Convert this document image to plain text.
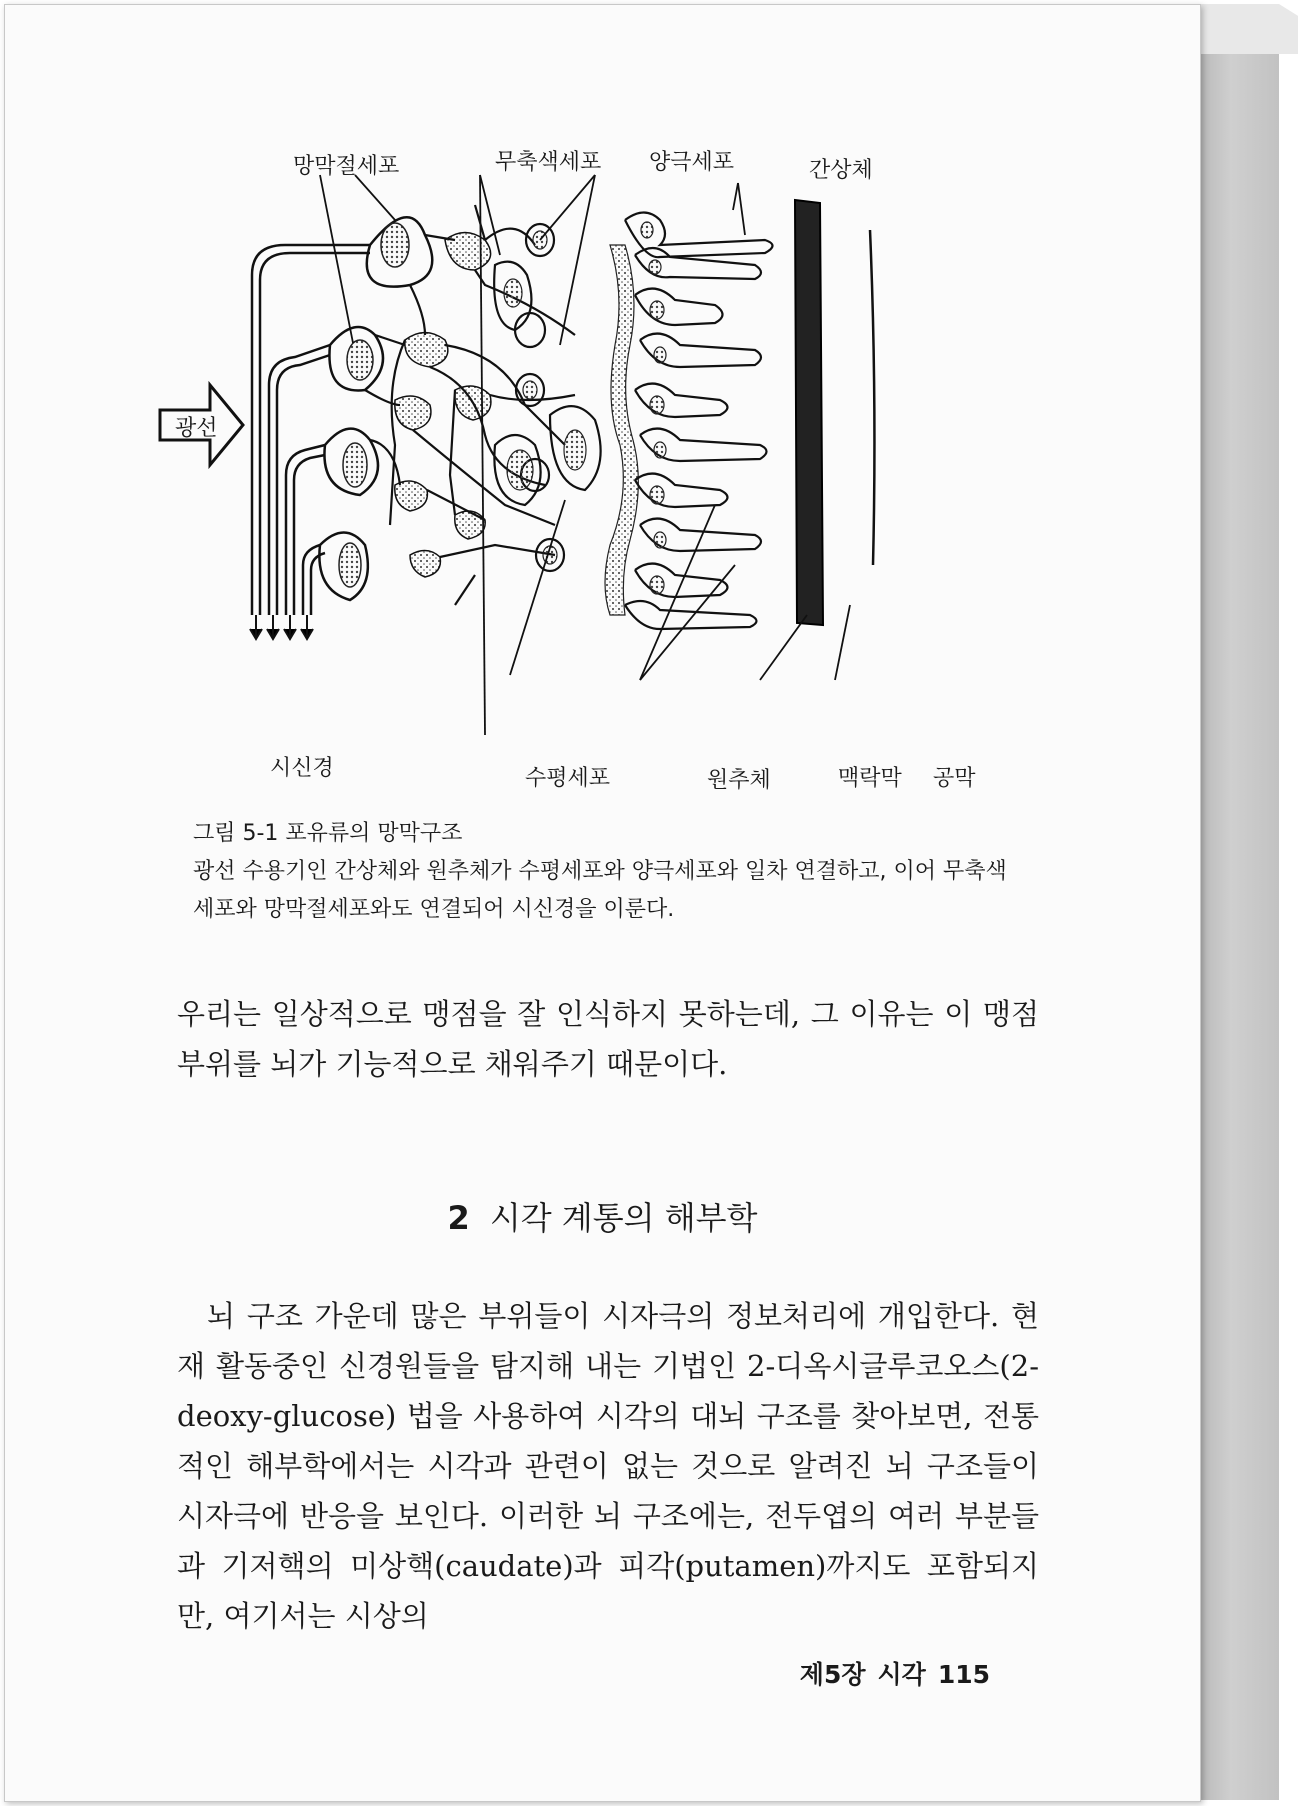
망막절세포	무축색세포 양극세포	간상체
광선
시신경	수평세포	원추체	맥락막 공막
그림 5-1 포유류의 망막구조
광선 수용기인 간상체와 원추체가 수평세포와 양극세포와 일차 연결하고, 이어 무축색세포와 망막절세포와도 연결되어 시신경을 이룬다.
우리는 일상적으로 맹점을 잘 인식하지 못하는데, 그 이유는 이 맹점 부위를 뇌가 기능적으로 채워주기 때문이다.
2 시각 계통의 해부학
뇌 구조 가운데 많은 부위들이 시자극의 정보처리에 개입한다. 현재 활동중인 신경원들을 탐지해 내는 기법인 2-디옥시글루코오스(2-deoxy-glucose) 법을 사용하여 시각의 대뇌 구조를 찾아보면, 전통적인 해부학에서는 시각과 관련이 없는 것으로 알려진 뇌 구조들이 시자극에 반응을 보인다. 이러한 뇌 구조에는, 전두엽의 여러 부분들과 기저핵의 미상핵(caudate)과 피각(putamen)까지도 포함되지만, 여기서는 시상의
제5장 시각 115
